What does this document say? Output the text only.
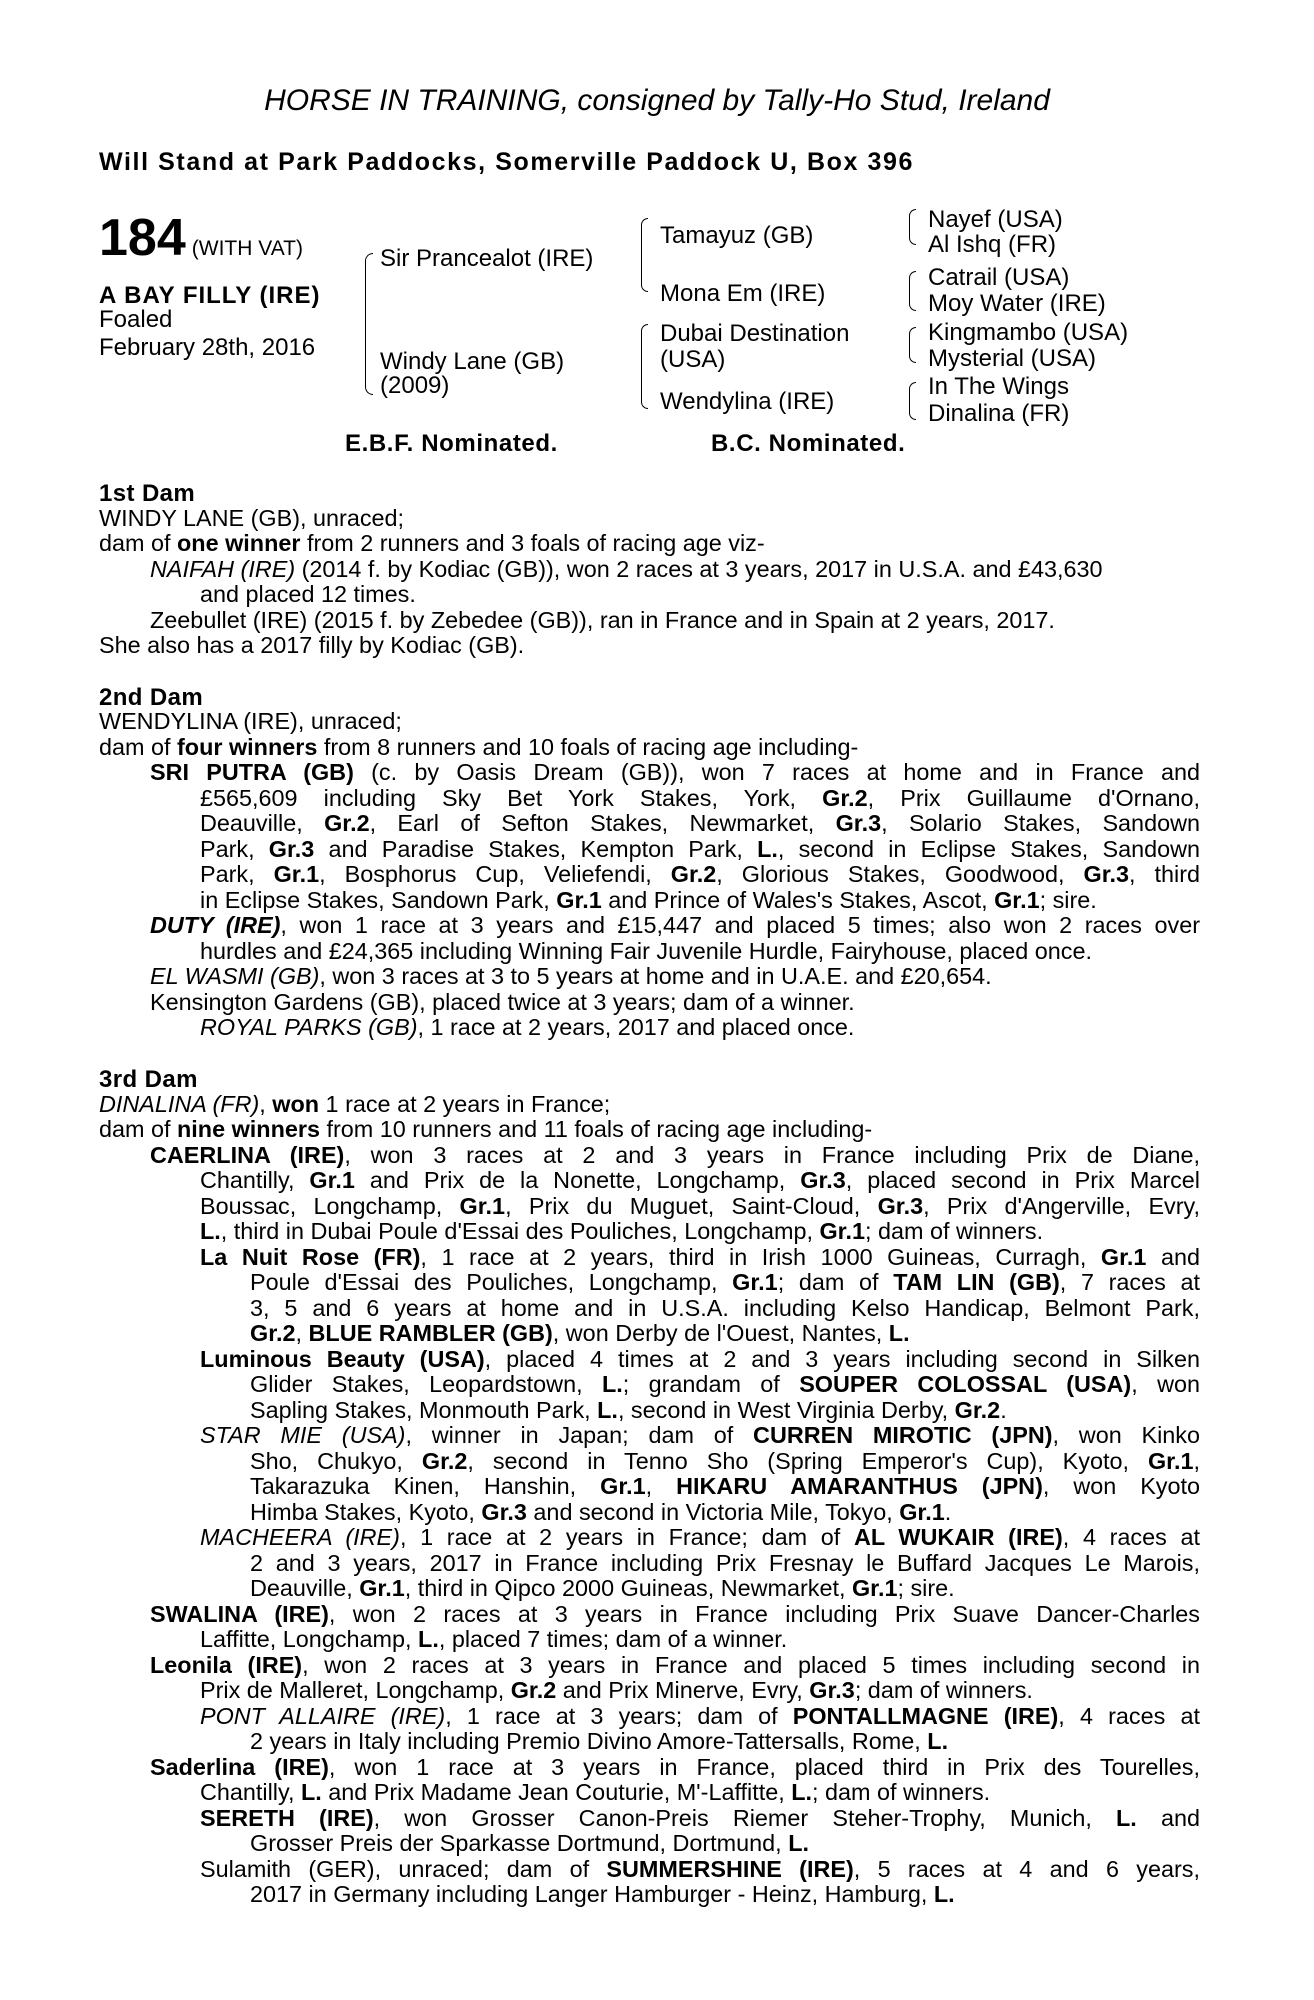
HORSE IN TRAINING, consigned by Tally-Ho Stud, Ireland
Will Stand at Park Paddocks, Somerville Paddock U, Box 396
184 (WITH VAT)
A BAY FILLY (IRE)
Foaled
February 28th, 2016
Sir Prancealot (IRE)
Windy Lane (GB)
(2009)
Tamayuz (GB)
Mona Em (IRE)
Dubai Destination
(USA)
Wendylina (IRE)
Nayef (USA)
Al Ishq (FR)
Catrail (USA)
Moy Water (IRE)
Kingmambo (USA)
Mysterial (USA)
In The Wings
Dinalina (FR)
E.B.F. Nominated.	B.C. Nominated.
1st Dam
WINDY LANE (GB), unraced;
dam of one winner from 2 runners and 3 foals of racing age viz-
NAIFAH (IRE) (2014 f. by Kodiac (GB)), won 2 races at 3 years, 2017 in U.S.A. and £43,630
and placed 12 times.
Zeebullet (IRE) (2015 f. by Zebedee (GB)), ran in France and in Spain at 2 years, 2017.
She also has a 2017 filly by Kodiac (GB).
2nd Dam
WENDYLINA (IRE), unraced;
dam of four winners from 8 runners and 10 foals of racing age including-
SRI PUTRA (GB) (c. by Oasis Dream (GB)), won 7 races at home and in France and
£565,609 including Sky Bet York Stakes, York, Gr.2, Prix Guillaume d'Ornano,
Deauville, Gr.2, Earl of Sefton Stakes, Newmarket, Gr.3, Solario Stakes, Sandown
Park, Gr.3 and Paradise Stakes, Kempton Park, L., second in Eclipse Stakes, Sandown
Park, Gr.1, Bosphorus Cup, Veliefendi, Gr.2, Glorious Stakes, Goodwood, Gr.3, third
in Eclipse Stakes, Sandown Park, Gr.1 and Prince of Wales's Stakes, Ascot, Gr.1; sire.
DUTY (IRE), won 1 race at 3 years and £15,447 and placed 5 times; also won 2 races over
hurdles and £24,365 including Winning Fair Juvenile Hurdle, Fairyhouse, placed once.
EL WASMI (GB), won 3 races at 3 to 5 years at home and in U.A.E. and £20,654.
Kensington Gardens (GB), placed twice at 3 years; dam of a winner.
ROYAL PARKS (GB), 1 race at 2 years, 2017 and placed once.
3rd Dam
DINALINA (FR), won 1 race at 2 years in France;
dam of nine winners from 10 runners and 11 foals of racing age including-
CAERLINA (IRE), won 3 races at 2 and 3 years in France including Prix de Diane,
Chantilly, Gr.1 and Prix de la Nonette, Longchamp, Gr.3, placed second in Prix Marcel
Boussac, Longchamp, Gr.1, Prix du Muguet, Saint-Cloud, Gr.3, Prix d'Angerville, Evry,
L., third in Dubai Poule d'Essai des Pouliches, Longchamp, Gr.1; dam of winners.
La Nuit Rose (FR), 1 race at 2 years, third in Irish 1000 Guineas, Curragh, Gr.1 and
Poule d'Essai des Pouliches, Longchamp, Gr.1; dam of TAM LIN (GB), 7 races at
3, 5 and 6 years at home and in U.S.A. including Kelso Handicap, Belmont Park,
Gr.2, BLUE RAMBLER (GB), won Derby de l'Ouest, Nantes, L.
Luminous Beauty (USA), placed 4 times at 2 and 3 years including second in Silken
Glider Stakes, Leopardstown, L.; grandam of SOUPER COLOSSAL (USA), won
Sapling Stakes, Monmouth Park, L., second in West Virginia Derby, Gr.2.
STAR MIE (USA), winner in Japan; dam of CURREN MIROTIC (JPN), won Kinko
Sho, Chukyo, Gr.2, second in Tenno Sho (Spring Emperor's Cup), Kyoto, Gr.1,
Takarazuka Kinen, Hanshin, Gr.1, HIKARU AMARANTHUS (JPN), won Kyoto
Himba Stakes, Kyoto, Gr.3 and second in Victoria Mile, Tokyo, Gr.1.
MACHEERA (IRE), 1 race at 2 years in France; dam of AL WUKAIR (IRE), 4 races at
2 and 3 years, 2017 in France including Prix Fresnay le Buffard Jacques Le Marois,
Deauville, Gr.1, third in Qipco 2000 Guineas, Newmarket, Gr.1; sire.
SWALINA (IRE), won 2 races at 3 years in France including Prix Suave Dancer-Charles
Laffitte, Longchamp, L., placed 7 times; dam of a winner.
Leonila (IRE), won 2 races at 3 years in France and placed 5 times including second in
Prix de Malleret, Longchamp, Gr.2 and Prix Minerve, Evry, Gr.3; dam of winners.
PONT ALLAIRE (IRE), 1 race at 3 years; dam of PONTALLMAGNE (IRE), 4 races at
2 years in Italy including Premio Divino Amore-Tattersalls, Rome, L.
Saderlina (IRE), won 1 race at 3 years in France, placed third in Prix des Tourelles,
Chantilly, L. and Prix Madame Jean Couturie, M'-Laffitte, L.; dam of winners.
SERETH (IRE), won Grosser Canon-Preis Riemer Steher-Trophy, Munich, L. and
Grosser Preis der Sparkasse Dortmund, Dortmund, L.
Sulamith (GER), unraced; dam of SUMMERSHINE (IRE), 5 races at 4 and 6 years,
2017 in Germany including Langer Hamburger - Heinz, Hamburg, L.
